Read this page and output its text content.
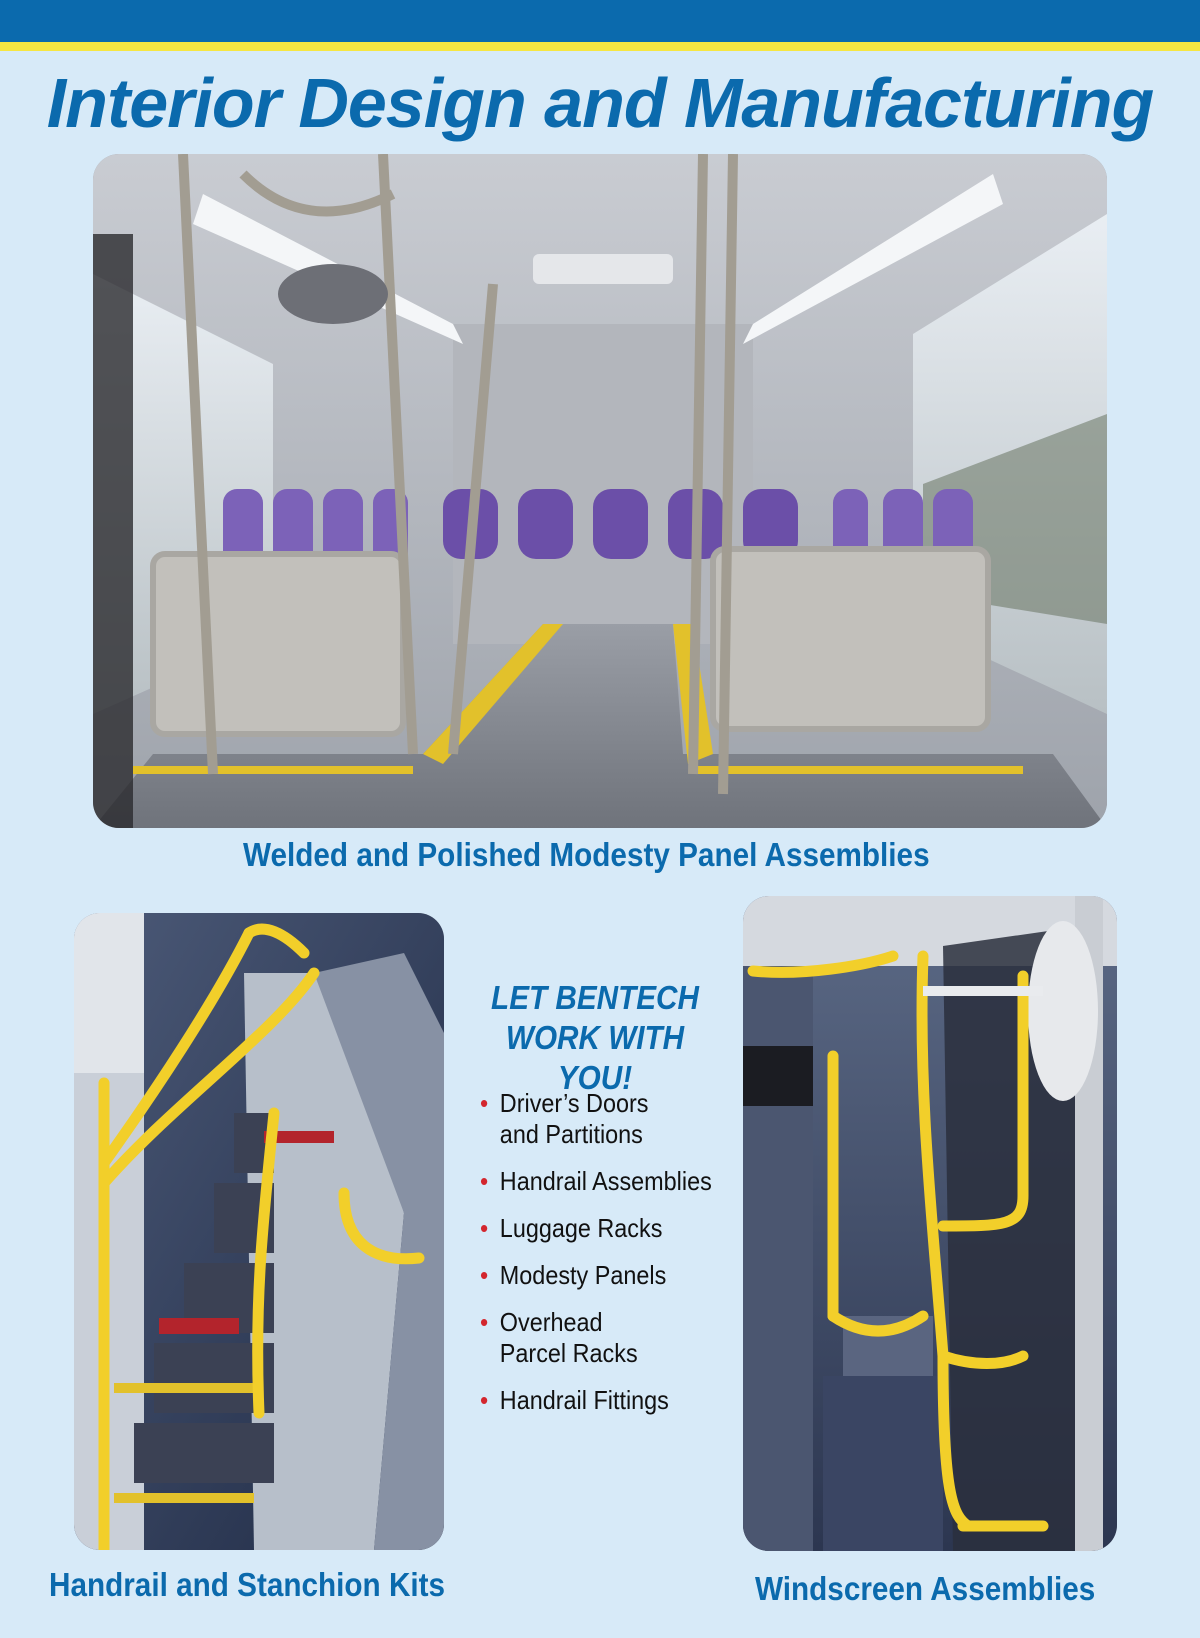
Interior Design and Manufacturing

Welded and Polished Modesty Panel Assemblies

Handrail and Stanchion Kits

LET BENTECH
WORK WITH YOU!
• Driver’s Doors
and Partitions
• Handrail Assemblies
• Luggage Racks
• Modesty Panels
• Overhead
Parcel Racks
• Handrail Fittings

Windscreen Assemblies
